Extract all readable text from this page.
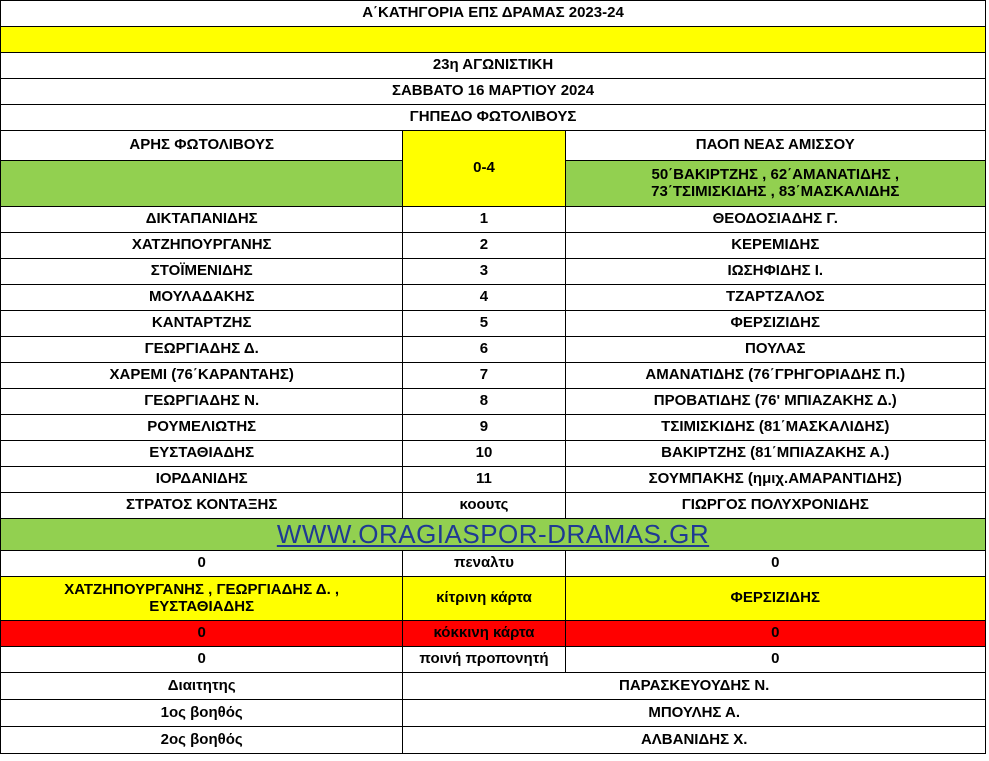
Α΄ΚΑΤΗΓΟΡΙΑ ΕΠΣ ΔΡΑΜΑΣ 2023-24		

23η ΑΓΩΝΙΣΤΙΚΗ		
ΣΑΒΒΑΤΟ 16 ΜΑΡΤΙΟΥ 2024		
ΓΗΠΕΔΟ ΦΩΤΟΛΙΒΟΥΣ		
ΑΡΗΣ ΦΩΤΟΛΙΒΟΥΣ	0-4	ΠΑΟΠ ΝΕΑΣ ΑΜΙΣΣΟΥ

		50΄ΒΑΚΙΡΤΖΗΣ , 62΄ΑΜΑΝΑΤΙΔΗΣ ,
73΄ΤΣΙΜΙΣΚΙΔΗΣ , 83΄ΜΑΣΚΑΛΙΔΗΣ

ΔΙΚΤΑΠΑΝΙΔΗΣ	1	ΘΕΟΔΟΣΙΑΔΗΣ Γ.
ΧΑΤΖΗΠΟΥΡΓΑΝΗΣ	2	ΚΕΡΕΜΙΔΗΣ
ΣΤΟΪΜΕΝΙΔΗΣ	3	ΙΩΣΗΦΙΔΗΣ Ι.
ΜΟΥΛΑΔΑΚΗΣ	4	ΤΖΑΡΤΖΑΛΟΣ
ΚΑΝΤΑΡΤΖΗΣ	5	ΦΕΡΣΙΖΙΔΗΣ
ΓΕΩΡΓΙΑΔΗΣ Δ.	6	ΠΟΥΛΑΣ
ΧΑΡΕΜΙ (76΄ΚΑΡΑΝΤΑΗΣ)	7	ΑΜΑΝΑΤΙΔΗΣ (76΄ΓΡΗΓΟΡΙΑΔΗΣ Π.)
ΓΕΩΡΓΙΑΔΗΣ Ν.	8	ΠΡΟΒΑΤΙΔΗΣ (76' ΜΠΙΑΖΑΚΗΣ Δ.)
ΡΟΥΜΕΛΙΩΤΗΣ	9	ΤΣΙΜΙΣΚΙΔΗΣ (81΄ΜΑΣΚΑΛΙΔΗΣ)
ΕΥΣΤΑΘΙΑΔΗΣ	10	ΒΑΚΙΡΤΖΗΣ (81΄ΜΠΙΑΖΑΚΗΣ Α.)
ΙΟΡΔΑΝΙΔΗΣ	11	ΣΟΥΜΠΑΚΗΣ (ημιχ.ΑΜΑΡΑΝΤΙΔΗΣ)
ΣΤΡΑΤΟΣ ΚΟΝΤΑΞΗΣ	κοουτς	ΓΙΩΡΓΟΣ ΠΟΛΥΧΡΟΝΙΔΗΣ
WWW.ORAGIASPOR-DRAMAS.GR		
0	πεναλτυ	0

ΧΑΤΖΗΠΟΥΡΓΑΝΗΣ , ΓΕΩΡΓΙΑΔΗΣ Δ. ,
ΕΥΣΤΑΘΙΑΔΗΣ	κίτρινη κάρτα	ΦΕΡΣΙΖΙΔΗΣ
0	κόκκινη κάρτα	0
0	ποινή προπονητή	0
Διαιτητης	ΠΑΡΑΣΚΕΥΟΥΔΗΣ Ν.	
1ος βοηθός	ΜΠΟΥΛΗΣ Α.	
2ος βοηθός	ΑΛΒΑΝΙΔΗΣ Χ.	
